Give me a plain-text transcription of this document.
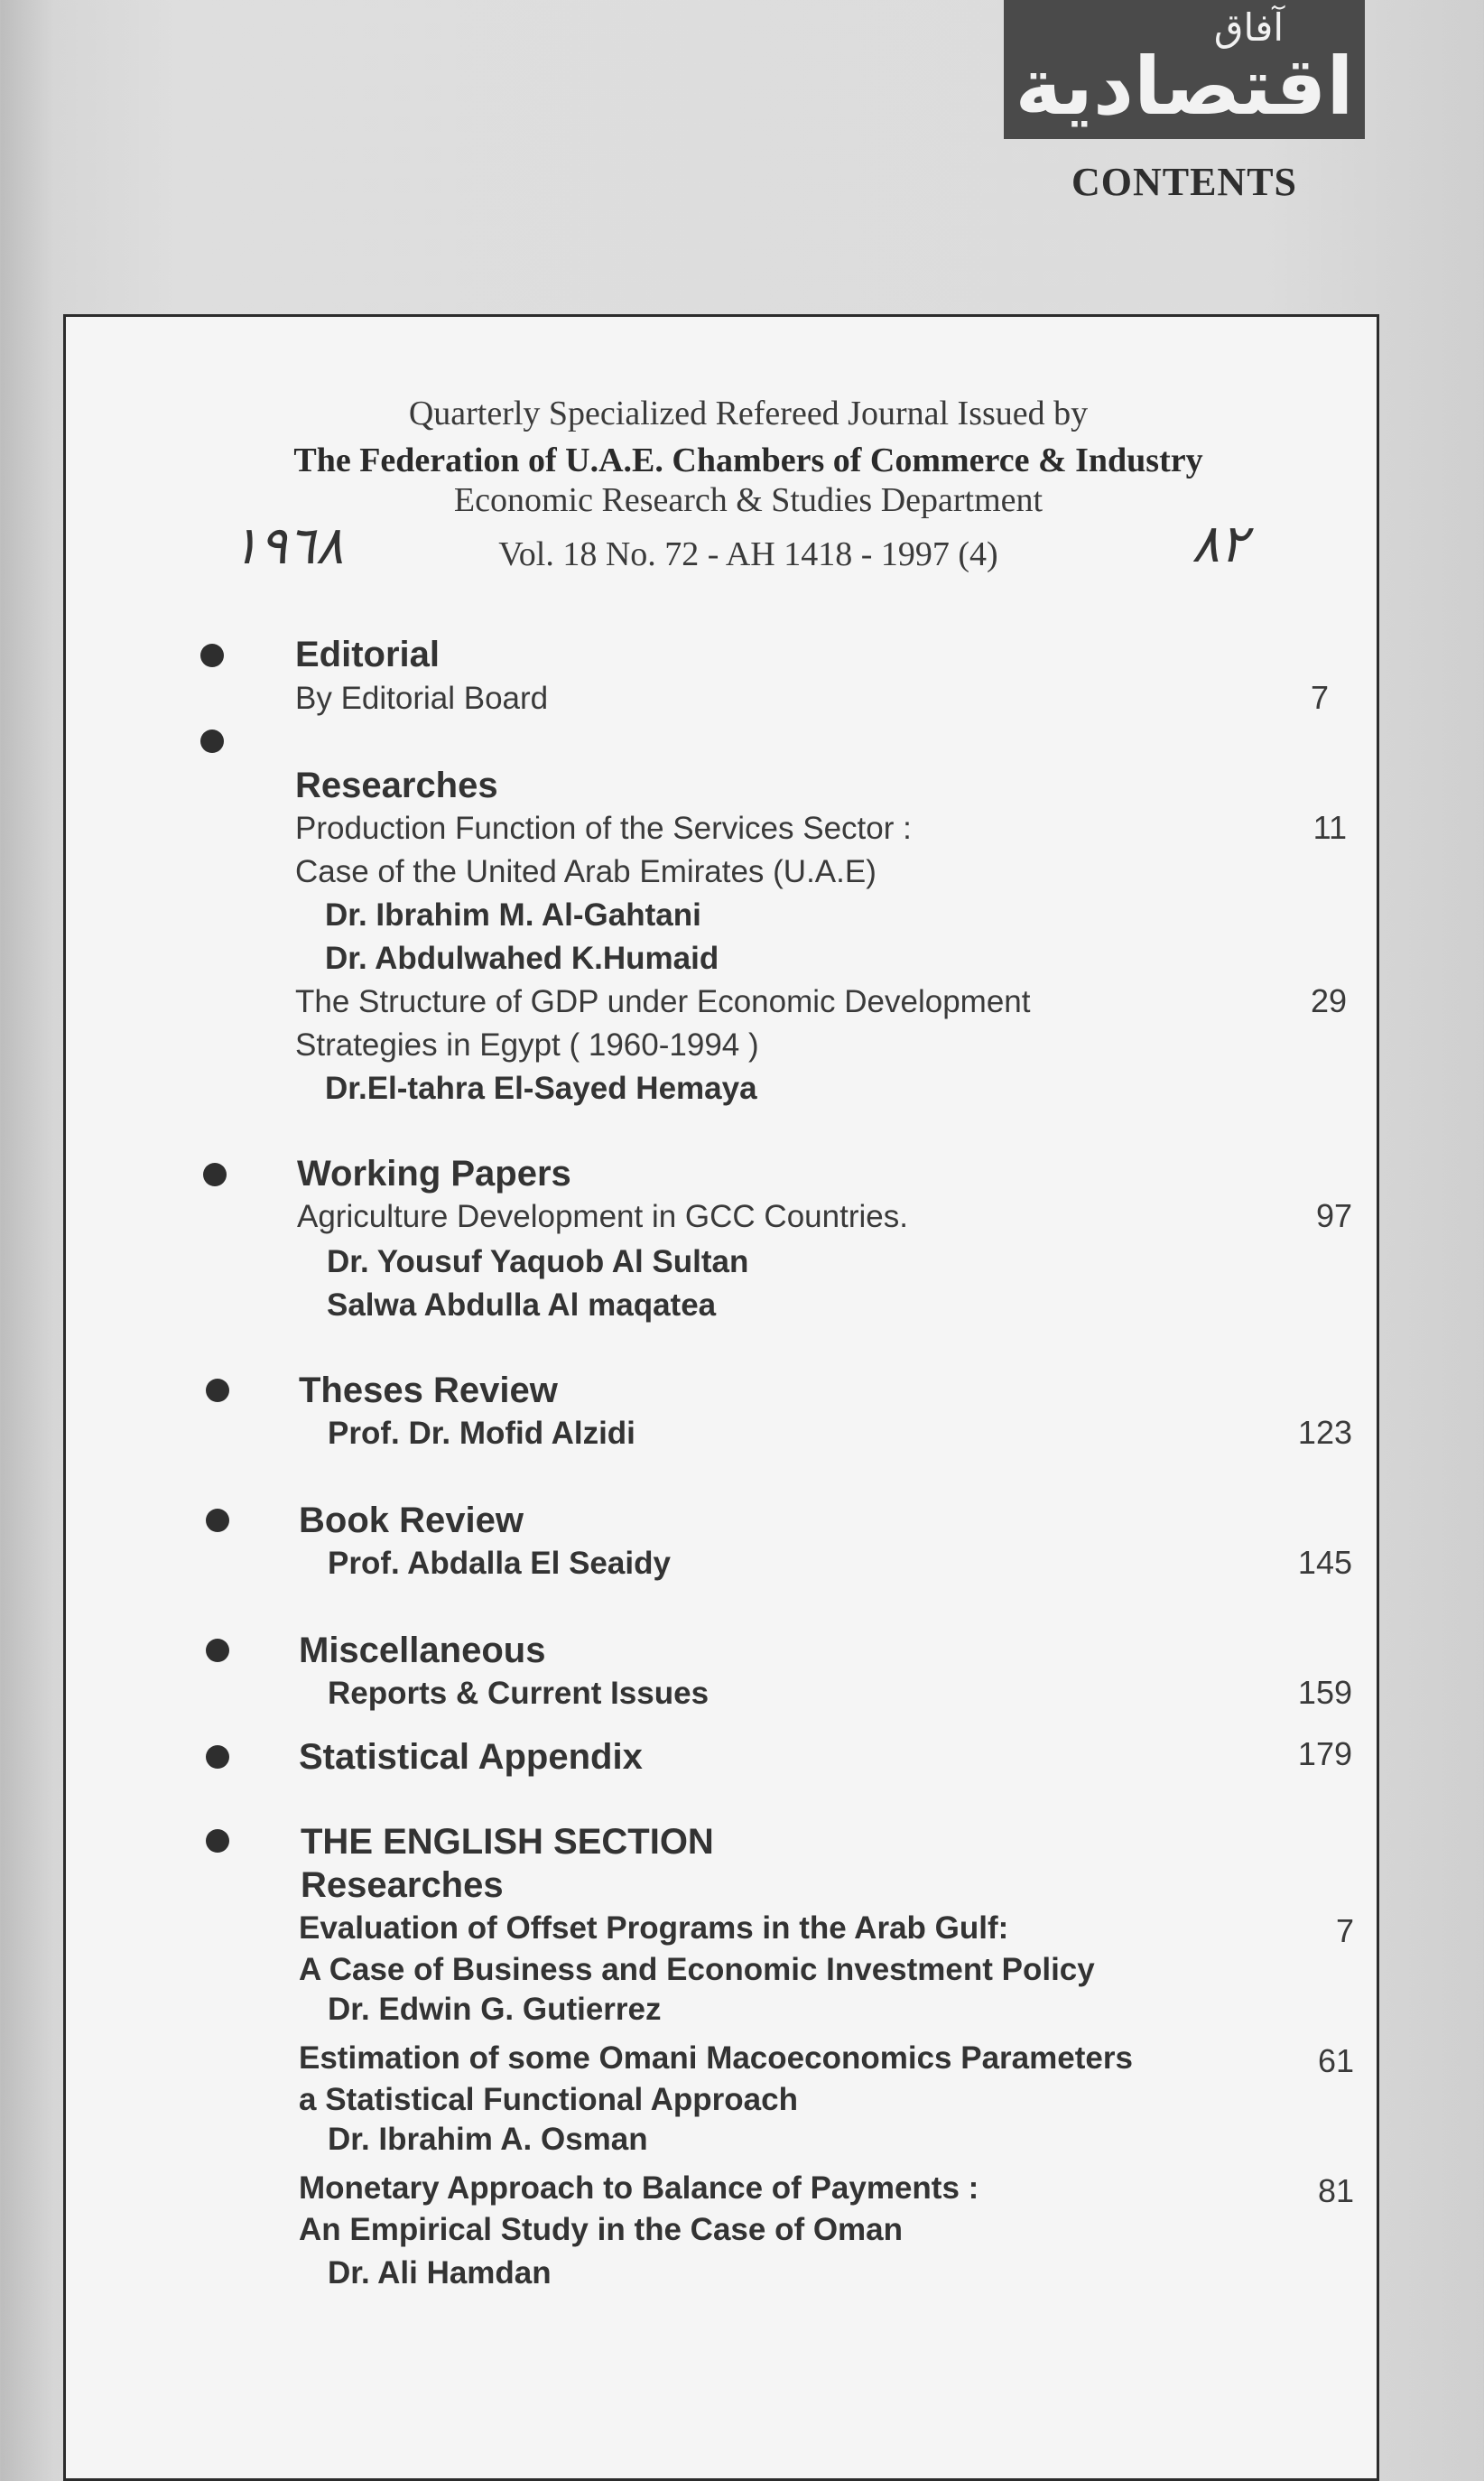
آفاق
اقتصادية
CONTENTS
Quarterly Specialized Refereed Journal Issued by
The Federation of U.A.E. Chambers of Commerce & Industry
Economic Research & Studies Department
Vol. 18 No. 72 - AH 1418 - 1997 (4)
١٩٦٨	٨٢
Editorial
By Editorial Board	7
Researches
Production Function of the Services Sector :	11
Case of the United Arab Emirates (U.A.E)
Dr. Ibrahim M. Al-Gahtani
Dr. Abdulwahed K.Humaid
The Structure of GDP under Economic Development	29
Strategies in Egypt ( 1960-1994 )
Dr.El-tahra El-Sayed Hemaya
Working Papers
Agriculture Development in GCC Countries.	97
Dr. Yousuf Yaquob Al Sultan
Salwa Abdulla Al maqatea
Theses Review
Prof. Dr. Mofid Alzidi	123
Book Review
Prof. Abdalla El Seaidy	145
Miscellaneous
Reports & Current Issues	159
Statistical Appendix	179
THE ENGLISH SECTION
Researches
Evaluation of Offset Programs in the Arab Gulf:	7
A Case of Business and Economic Investment Policy
Dr. Edwin G. Gutierrez
Estimation of some Omani Macoeconomics Parameters	61
a Statistical Functional Approach
Dr. Ibrahim A. Osman
Monetary Approach to Balance of Payments :	81
An Empirical Study in the Case of Oman
Dr. Ali Hamdan
